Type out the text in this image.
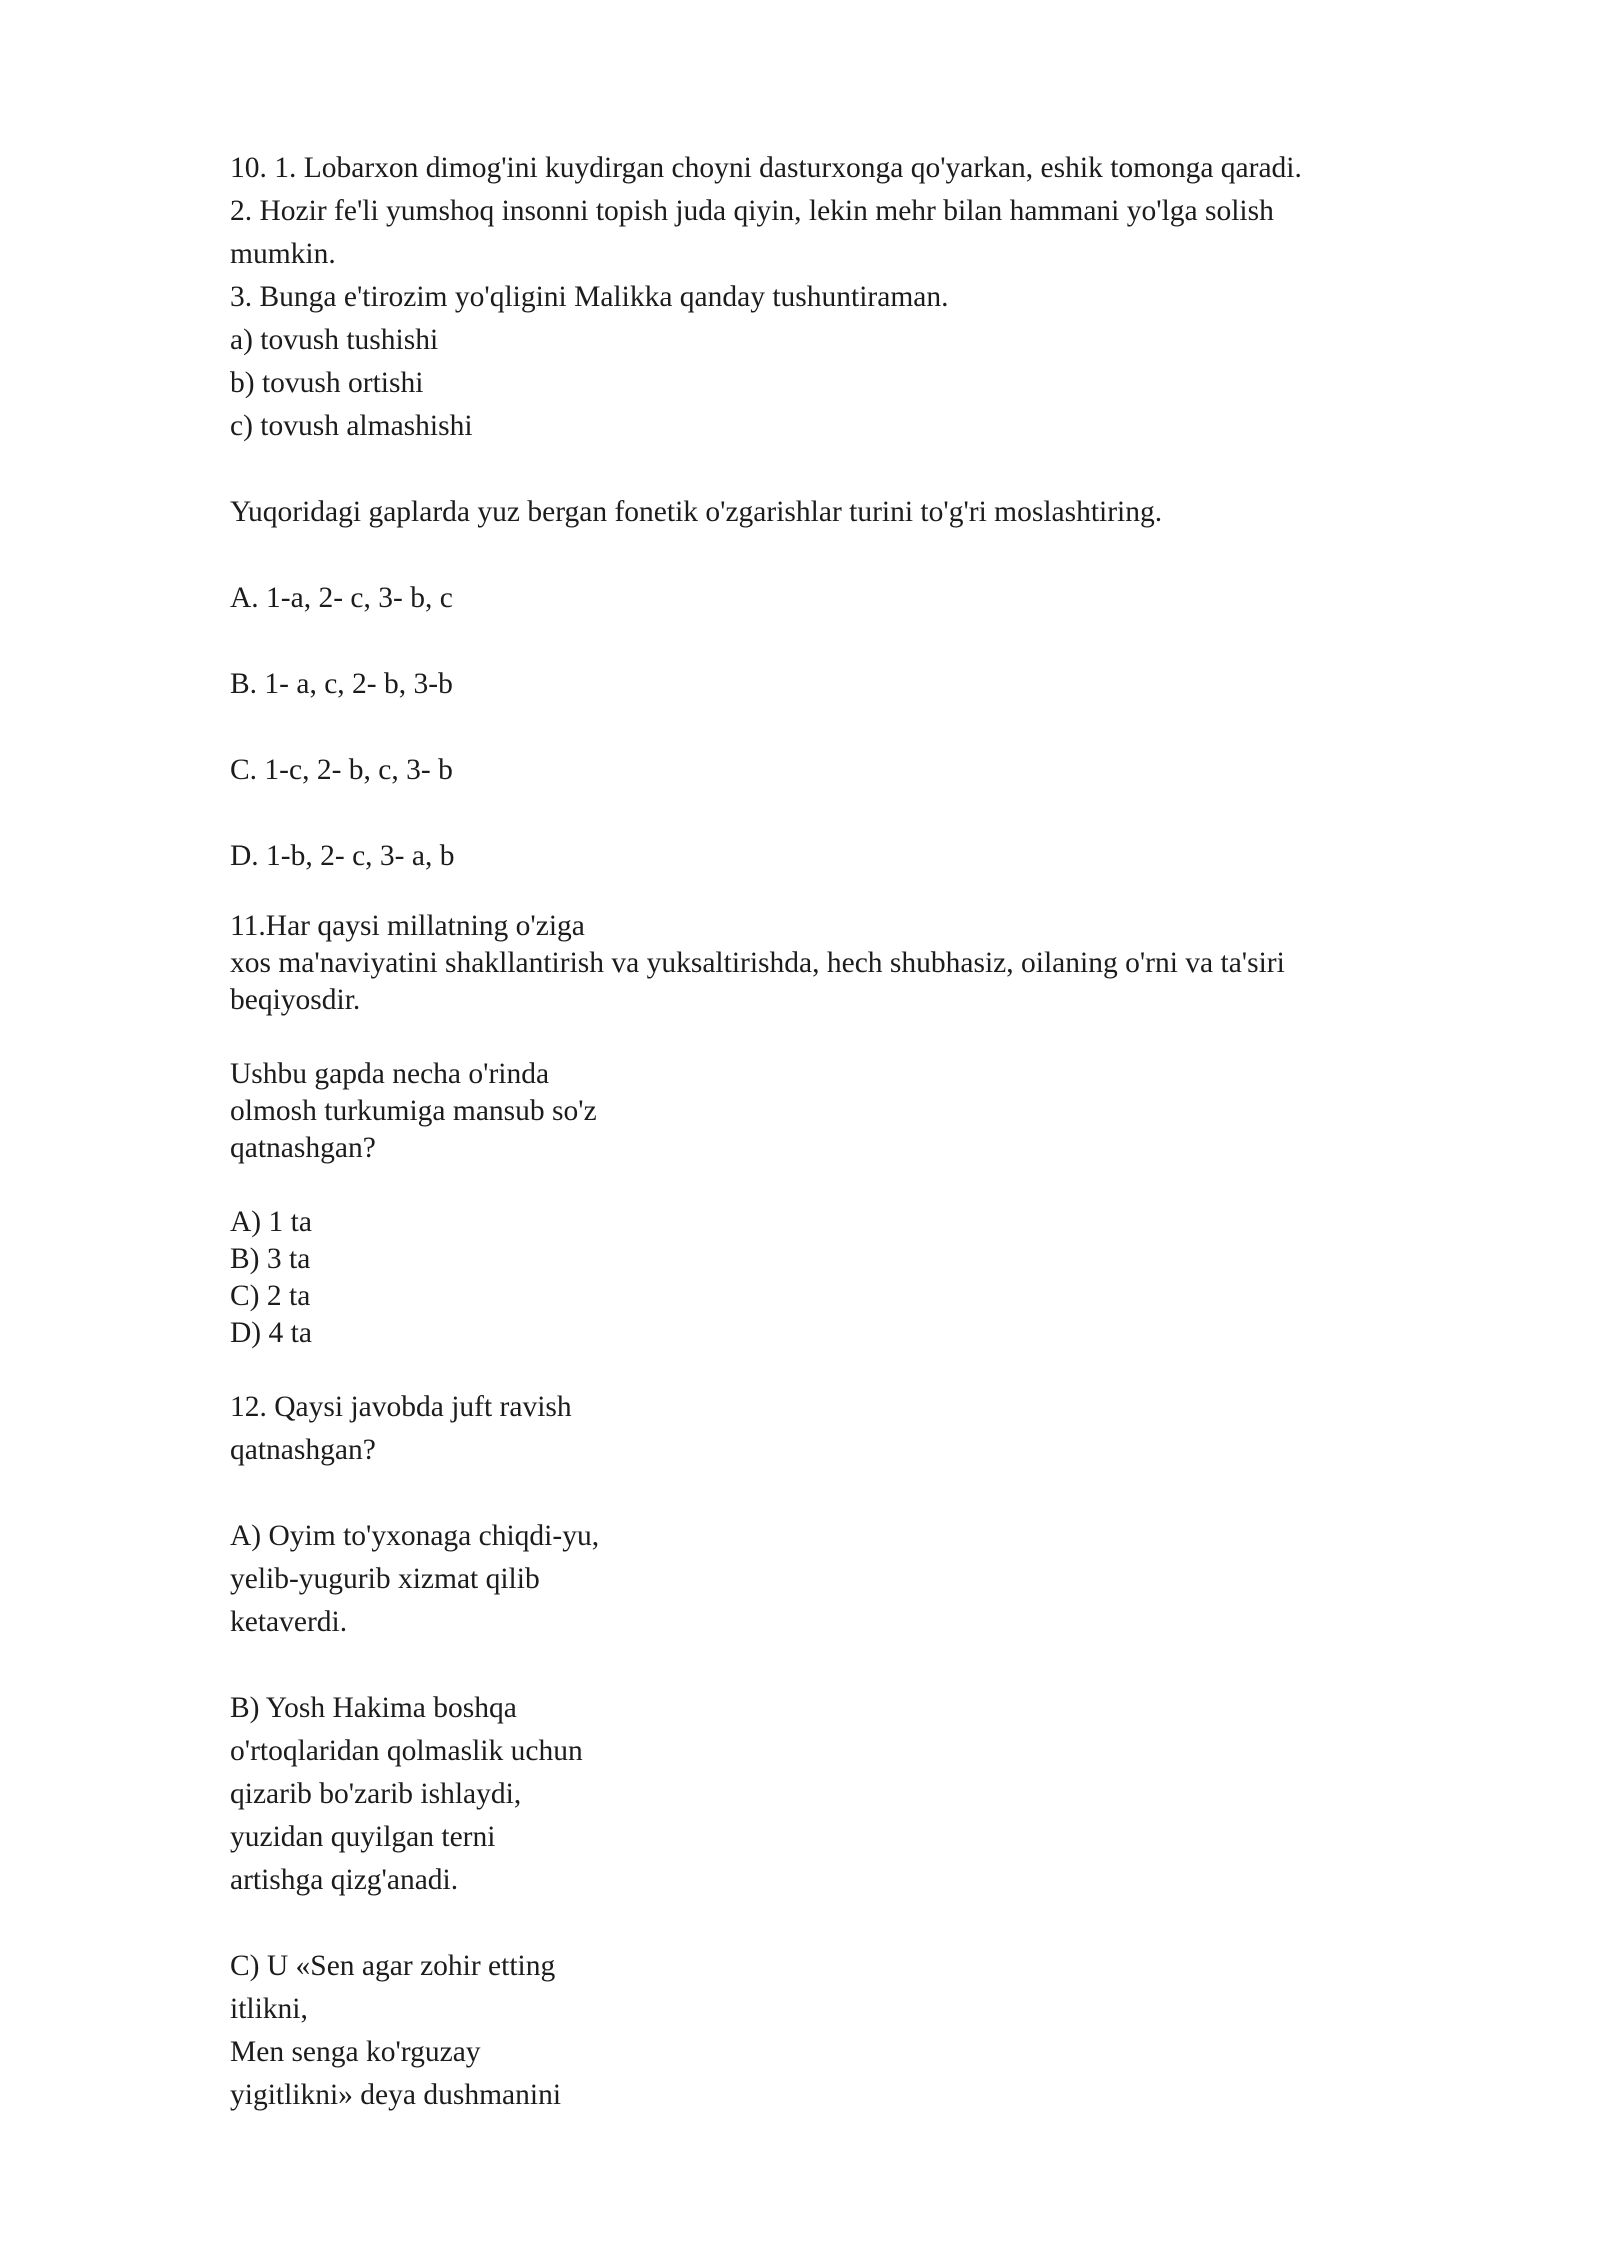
10. 1. Lobarxon dimog'ini kuydirgan choyni dasturxonga qo'yarkan, eshik tomonga qaradi.
2. Hozir fe'li yumshoq insonni topish juda qiyin, lekin mehr bilan hammani yo'lga solish
mumkin.
3. Bunga e'tirozim yo'qligini Malikka qanday tushuntiraman.
a) tovush tushishi
b) tovush ortishi
c) tovush almashishi
Yuqoridagi gaplarda yuz bergan fonetik o'zgarishlar turini to'g'ri moslashtiring.
A. 1-a, 2- c, 3- b, c
B. 1- a, c, 2- b, 3-b
C. 1-c, 2- b, c, 3- b
D. 1-b, 2- c, 3- a, b
11.Har qaysi millatning o'ziga
xos ma'naviyatini shakllantirish va yuksaltirishda, hech shubhasiz, oilaning o'rni va ta'siri
beqiyosdir.
Ushbu gapda necha o'rinda
olmosh turkumiga mansub so'z
qatnashgan?
A) 1 ta
B) 3 ta
C) 2 ta
D) 4 ta
12. Qaysi javobda juft ravish
qatnashgan?
A) Oyim to'yxonaga chiqdi-yu,
yelib-yugurib xizmat qilib
ketaverdi.
B) Yosh Hakima boshqa
o'rtoqlaridan qolmaslik uchun
qizarib bo'zarib ishlaydi,
yuzidan quyilgan terni
artishga qizg'anadi.
C) U «Sen agar zohir etting
itlikni,
Men senga ko'rguzay
yigitlikni» deya dushmanini
